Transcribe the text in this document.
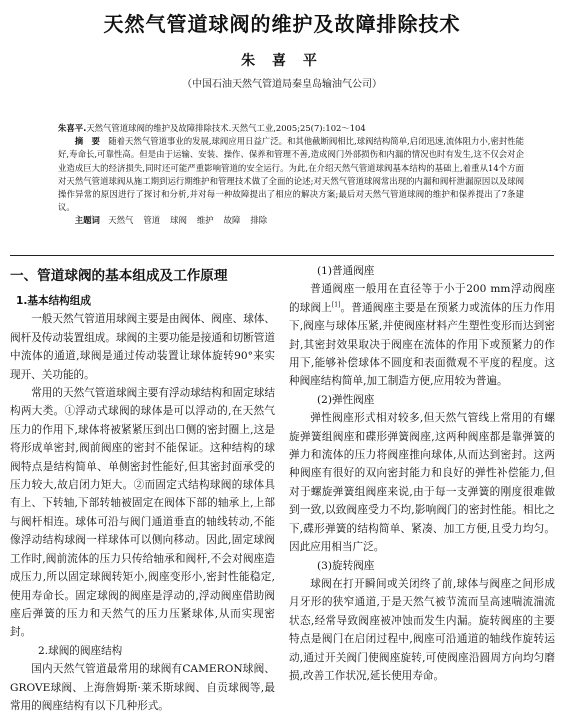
天然气管道球阀的维护及故障排除技术
朱 喜 平
（中国石油天然气管道局秦皇岛输油气公司）

朱喜平.天然气管道球阀的维护及故障排除技术.天然气工业,2005;25(7):102～104

  摘　要  随着天然气管道事业的发展,球阀应用日益广泛。和其他截断阀相比,球阀结构简单,启闭迅速,流体阻力小,密封性能好,寿命长,可靠性高。但是由于运输、安装、操作、保养和管理不善,造成阀门外部损伤和内漏的情况也时有发生,这不仅会对企业造成巨大的经济损失,同时还可能严重影响管道的安全运行。为此,在介绍天然气管道球阀基本结构的基础上,着重从14个方面对天然气管道球阀从施工期到运行期维护和管理技术做了全面的论述;对天然气管道球阀常出现的内漏和阀杆泄漏原因以及球阀操作异常的原因进行了探讨和分析,并对每一种故障提出了相应的解决方案;最后对天然气管道球阀的维护和保养提出了7条建议。

  主题词  天然气 管道 球阀 维护 故障 排除

一、管道球阀的基本组成及工作原理
1.基本结构组成

一般天然气管道用球阀主要是由阀体、阀座、球体、阀杆及传动装置组成。球阀的主要功能是接通和切断管道中流体的通道,球阀是通过传动装置让球体旋转90°来实现开、关功能的。

常用的天然气管道球阀主要有浮动球结构和固定球结构两大类。①浮动式球阀的球体是可以浮动的,在天然气压力的作用下,球体将被紧紧压到出口侧的密封圈上,这是将形成单密封,阀前阀座的密封不能保证。这种结构的球阀特点是结构简单、单侧密封性能好,但其密封面承受的压力较大,故启闭力矩大。②而固定式结构球阀的球体具有上、下转轴,下部转轴被固定在阀体下部的轴承上,上部与阀杆相连。球体可沿与阀门通道垂直的轴线转动,不能像浮动结构球阀一样球体可以侧向移动。因此,固定球阀工作时,阀前流体的压力只传给轴承和阀杆,不会对阀座造成压力,所以固定球阀转矩小,阀座变形小,密封性能稳定,使用寿命长。固定球阀的阀座是浮动的,浮动阀座借助阀座后弹簧的压力和天然气的压力压紧球体,从而实现密封。

2.球阀的阀座结构

国内天然气管道最常用的球阀有CAMERON球阀、GROVE球阀、上海詹姆斯·莱禾斯球阀、自贡球阀等,最常用的阀座结构有以下几种形式。

(1)普通阀座

普通阀座一般用在直径等于小于200 mm浮动阀座的球阀上[1]。普通阀座主要是在预紧力或流体的压力作用下,阀座与球体压紧,并使阀座材料产生塑性变形而达到密封,其密封效果取决于阀座在流体的作用下或预紧力的作用下,能够补偿球体不圆度和表面微观不平度的程度。这种阀座结构简单,加工制造方便,应用较为普遍。

(2)弹性阀座

弹性阀座形式相对较多,但天然气管线上常用的有螺旋弹簧组阀座和碟形弹簧阀座,这两种阀座都是靠弹簧的弹力和流体的压力将阀座推向球体,从而达到密封。这两种阀座有很好的双向密封能力和良好的弹性补偿能力,但对于螺旋弹簧组阀座来说,由于每一支弹簧的刚度很难做到一致,以致阀座受力不均,影响阀门的密封性能。相比之下,碟形弹簧的结构简单、紧凑、加工方便,且受力均匀。因此应用相当广泛。

(3)旋转阀座

球阀在打开瞬间或关闭终了前,球体与阀座之间形成月牙形的狭窄通道,于是天然气被节流而呈高速喘流湍流状态,经常导致阀座被冲蚀而发生内漏。旋转阀座的主要特点是阀门在启闭过程中,阀座可沿通道的轴线作旋转运动,通过开关阀门使阀座旋转,可使阀座沿圆周方向均匀磨损,改善工作状况,延长使用寿命。
